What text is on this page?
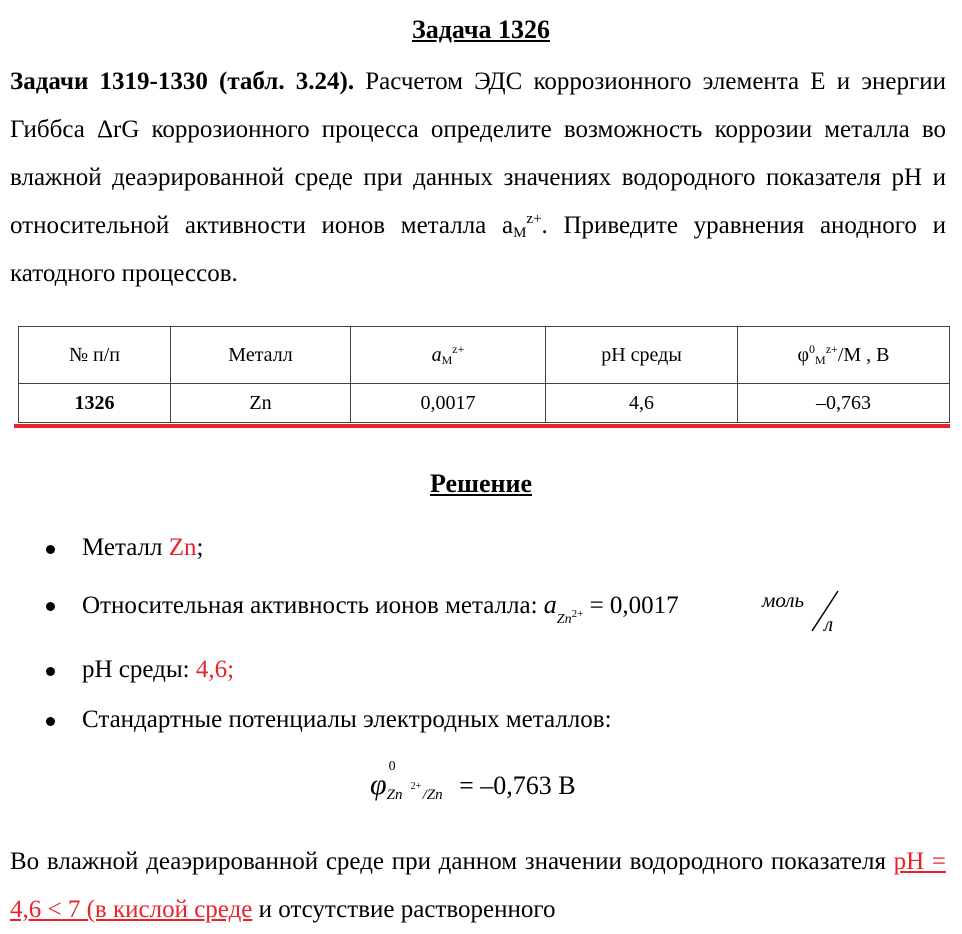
Задача 1326
Задачи 1319-1330 (табл. 3.24). Расчетом ЭДС коррозионного элемента E и энергии Гиббса ΔrG коррозионного процесса определите возможность коррозии металла во влажной деаэрированной среде при данных значениях водородного показателя pH и относительной активности ионов металла $a_M^{z+}$. Приведите уравнения анодного и катодного процессов.
№ п/п	Металл	$aM^{z+}$	pH среды	$\varphi^0M^{z+}/M$ , В
1326	Zn	0,0017	4,6	–0,763
Решение
Металл Zn;
Относительная активность ионов металла: $a_{Zn}2+ = 0,0017$	моль
л
pH среды: 4,6;
Стандартные потенциалы электродных металлов:
φ
0
Zn
2+
/Zn = –0,763 В
Во влажной деаэрированной среде при данном значении водородного показателя pH = 4,6 < 7 (в кислой среде и отсутствие растворенного
